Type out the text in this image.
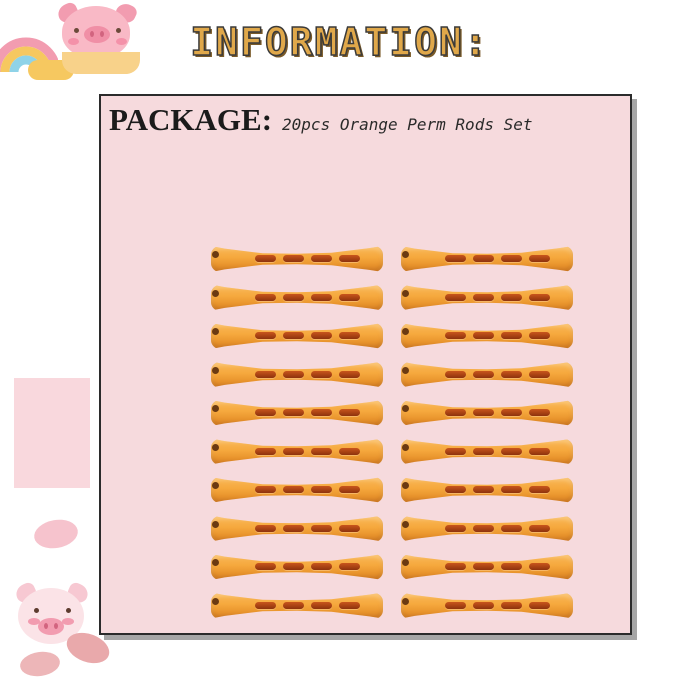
INFORMATION:
PACKAGE: 20pcs Orange Perm Rods Set
